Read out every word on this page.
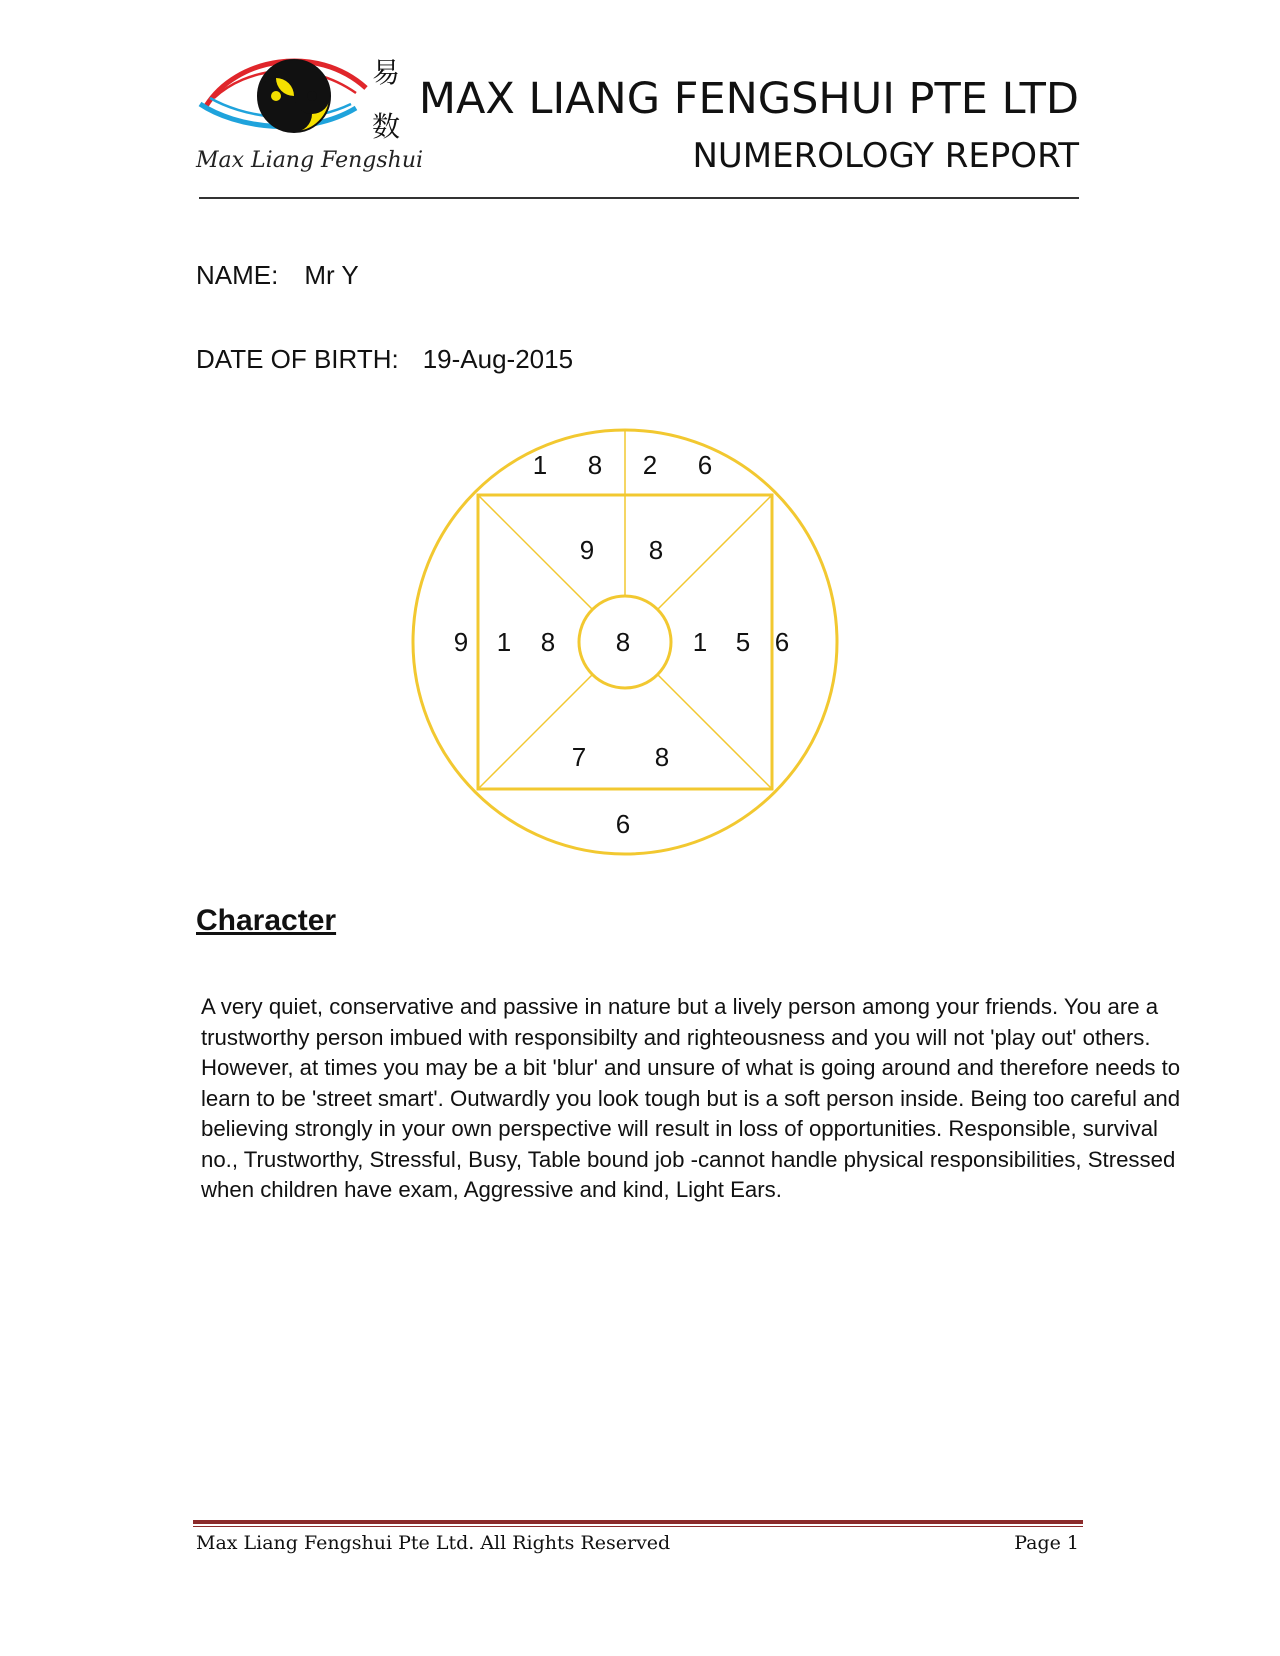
易
数
Max Liang Fengshui
MAX LIANG FENGSHUI PTE LTD
NUMEROLOGY REPORT
NAME: Mr Y
DATE OF BIRTH: 19-Aug-2015
1 8 2 6
9 8
9 1 8 8 1 5 6
7	8
6
Character
A very quiet, conservative and passive in nature but a lively person among your friends. You are a trustworthy person imbued with responsibilty and righteousness and you will not 'play out' others. However, at times you may be a bit 'blur' and unsure of what is going around and therefore needs to learn to be 'street smart'. Outwardly you look tough but is a soft person inside. Being too careful and believing strongly in your own perspective will result in loss of opportunities. Responsible, survival no., Trustworthy, Stressful, Busy, Table bound job -cannot handle physical responsibilities, Stressed when children have exam, Aggressive and kind, Light Ears.
Max Liang Fengshui Pte Ltd. All Rights Reserved	Page 1
